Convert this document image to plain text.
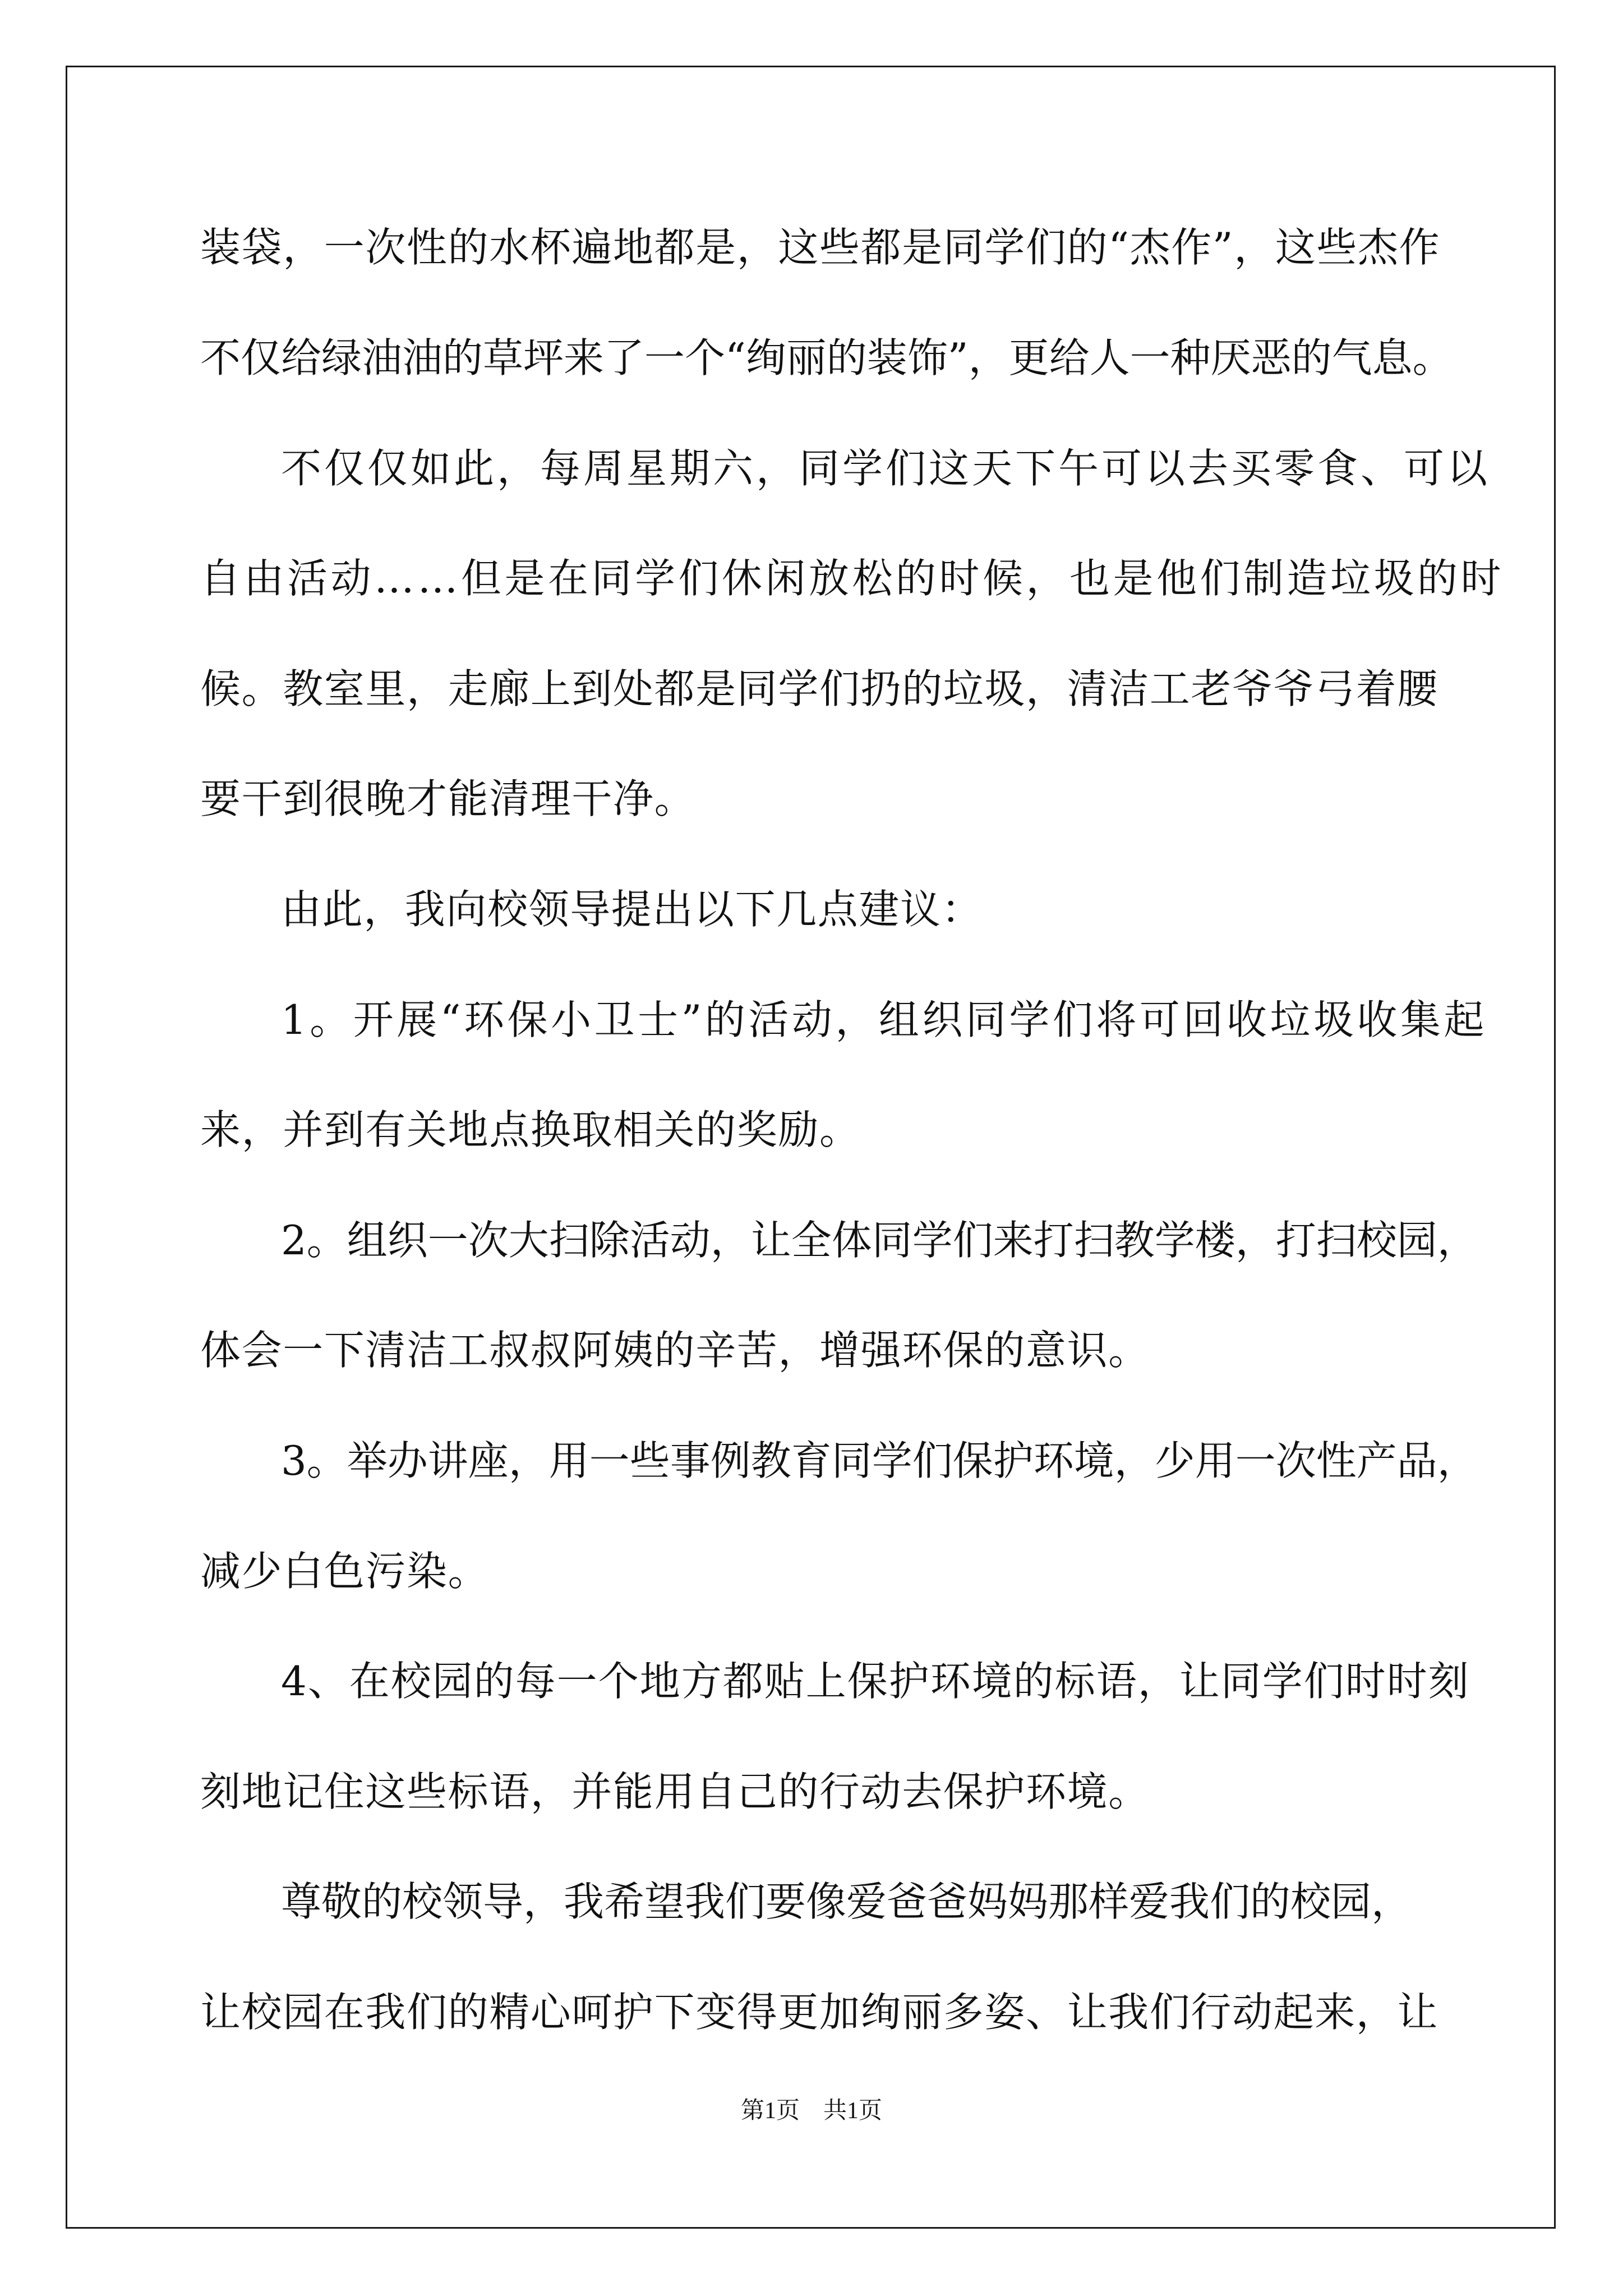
装袋，一次性的水杯遍地都是，这些都是同学们的“杰作”，这些杰作
不仅给绿油油的草坪来了一个“绚丽的装饰”，更给人一种厌恶的气息。
不仅仅如此，每周星期六，同学们这天下午可以去买零食、可以
自由活动……但是在同学们休闲放松的时候，也是他们制造垃圾的时
候。教室里，走廊上到处都是同学们扔的垃圾，清洁工老爷爷弓着腰
要干到很晚才能清理干净。
由此，我向校领导提出以下几点建议：
1。开展“环保小卫士”的活动，组织同学们将可回收垃圾收集起
来，并到有关地点换取相关的奖励。
2。组织一次大扫除活动，让全体同学们来打扫教学楼，打扫校园，
体会一下清洁工叔叔阿姨的辛苦，增强环保的意识。
3。举办讲座，用一些事例教育同学们保护环境，少用一次性产品，
减少白色污染。
4、在校园的每一个地方都贴上保护环境的标语，让同学们时时刻
刻地记住这些标语，并能用自己的行动去保护环境。
尊敬的校领导，我希望我们要像爱爸爸妈妈那样爱我们的校园，
让校园在我们的精心呵护下变得更加绚丽多姿、让我们行动起来，让
第1页　共1页
